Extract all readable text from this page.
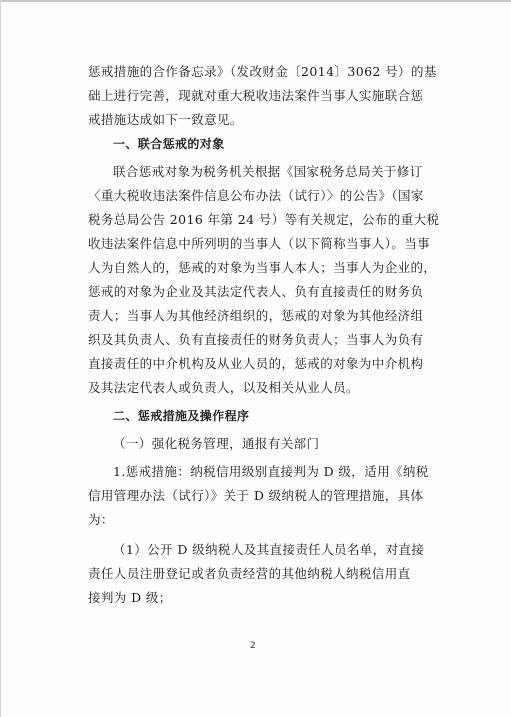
惩戒措施的合作备忘录》（发改财金〔2014〕3062 号）的基
础上进行完善，现就对重大税收违法案件当事人实施联合惩
戒措施达成如下一致意见。
一、联合惩戒的对象
联合惩戒对象为税务机关根据《国家税务总局关于修订
〈重大税收违法案件信息公布办法（试行）〉的公告》（国家
税务总局公告 2016 年第 24 号）等有关规定，公布的重大税
收违法案件信息中所列明的当事人（以下简称当事人）。当事
人为自然人的，惩戒的对象为当事人本人；当事人为企业的，
惩戒的对象为企业及其法定代表人、负有直接责任的财务负
责人；当事人为其他经济组织的，惩戒的对象为其他经济组
织及其负责人、负有直接责任的财务负责人；当事人为负有
直接责任的中介机构及从业人员的，惩戒的对象为中介机构
及其法定代表人或负责人，以及相关从业人员。
二、惩戒措施及操作程序
（一）强化税务管理，通报有关部门
1.惩戒措施：纳税信用级别直接判为 D 级，适用《纳税
信用管理办法（试行）》关于 D 级纳税人的管理措施，具体
为：
（1）公开 D 级纳税人及其直接责任人员名单，对直接
责任人员注册登记或者负责经营的其他纳税人纳税信用直
接判为 D 级；
2
